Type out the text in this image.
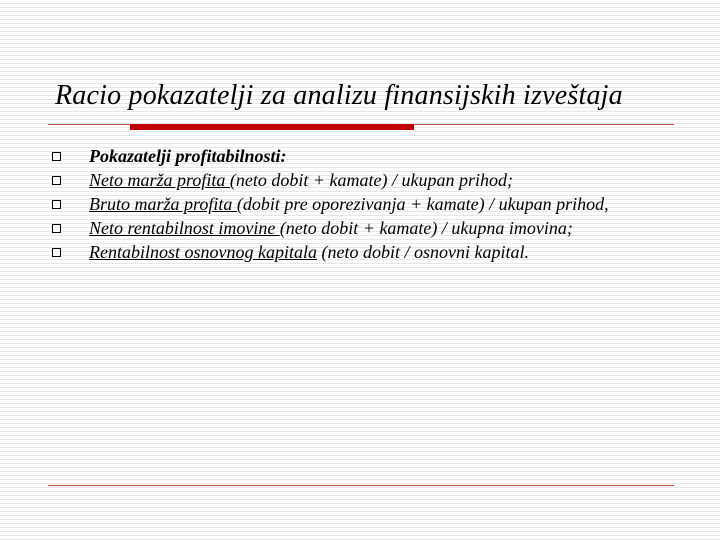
Racio pokazatelji za analizu finansijskih izveštaja
Pokazatelji profitabilnosti:
Neto marža profita (neto dobit + kamate) / ukupan prihod;
Bruto marža profita (dobit pre oporezivanja + kamate) / ukupan prihod,
Neto rentabilnost imovine (neto dobit + kamate) / ukupna imovina;
Rentabilnost osnovnog kapitala (neto dobit / osnovni kapital.
